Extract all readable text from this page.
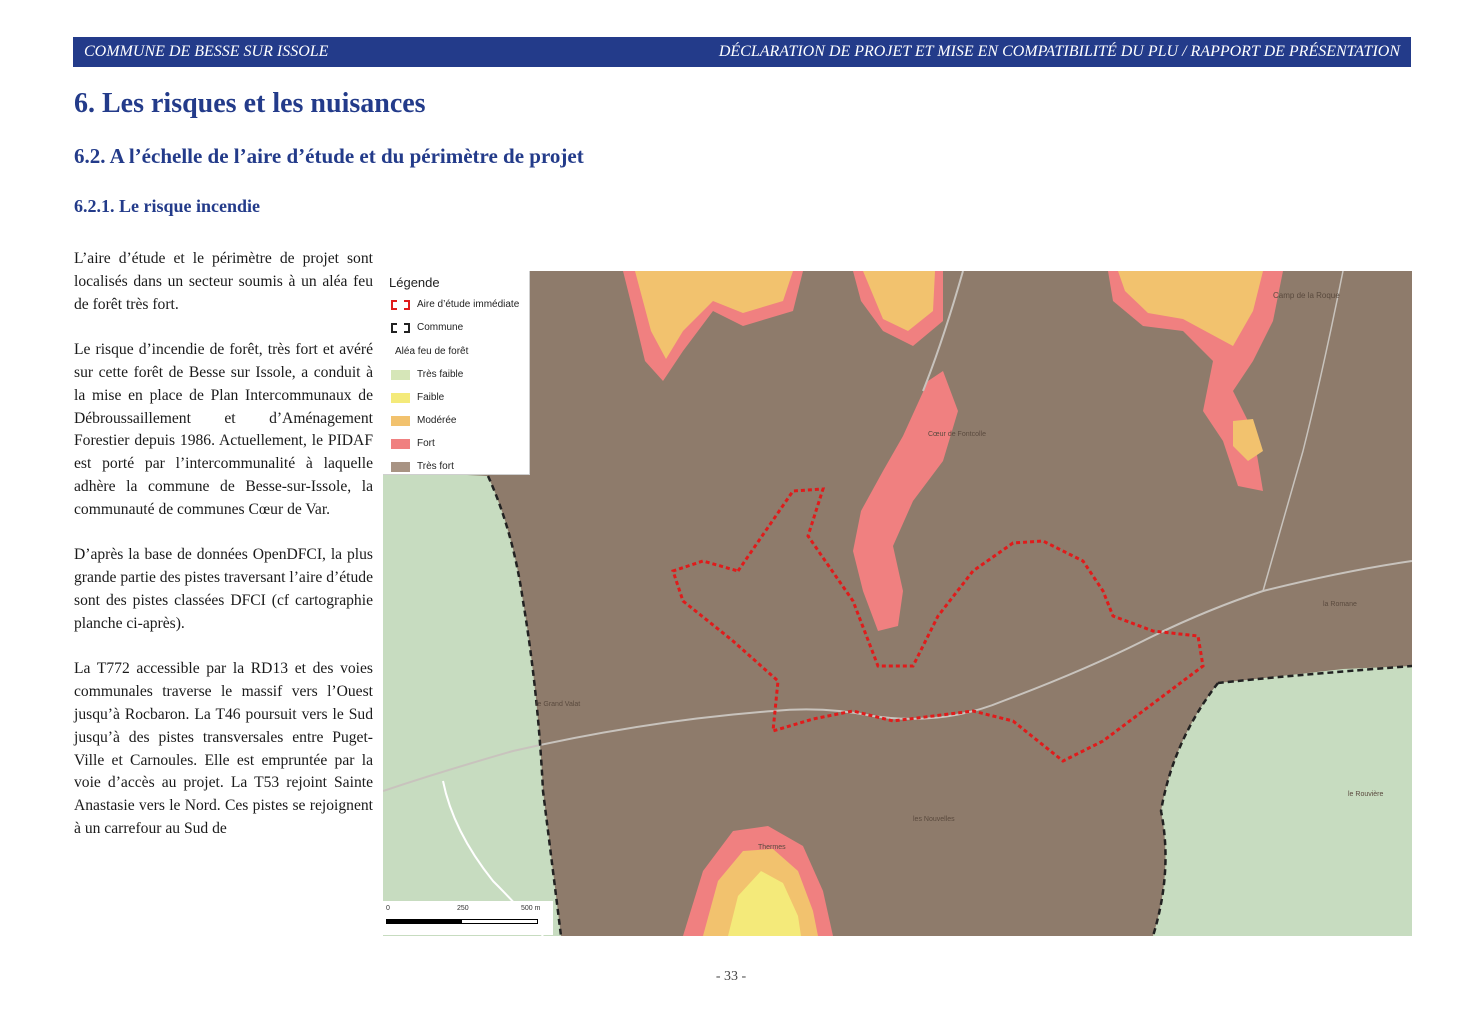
COMMUNE DE BESSE SUR ISSOLE	DÉCLARATION DE PROJET ET MISE EN COMPATIBILITÉ DU PLU / RAPPORT DE PRÉSENTATION
6. Les risques et les nuisances
6.2. A l’échelle de l’aire d’étude et du périmètre de projet
6.2.1. Le risque incendie

L’aire d’étude et le périmètre de projet sont localisés dans un secteur soumis à un aléa feu de forêt très fort.

Le risque d’incendie de forêt, très fort et avéré sur cette forêt de Besse sur Issole, a conduit à la mise en place de Plan Intercommunaux de Débroussaillement et d’Aménagement Forestier depuis 1986. Actuellement, le PIDAF est porté par l’intercommunalité à laquelle adhère la commune de Besse-sur-Issole, la communauté de communes Cœur de Var.

D’après la base de données OpenDFCI, la plus grande partie des pistes traversant l’aire d’étude sont des pistes classées DFCI (cf cartographie planche ci-après).

La T772 accessible par la RD13 et des voies communales traverse le massif vers l’Ouest jusqu’à Rocbaron. La T46 poursuit vers le Sud jusqu’à des pistes transversales entre Puget-Ville et Carnoules. Elle est empruntée par la voie d’accès au projet. La T53 rejoint Sainte Anastasie vers le Nord. Ces pistes se rejoignent à un carrefour au Sud de

Camp de la Roque
Cœur de Fontcolle
le Grand Valat
les Nouvelles
Thermes
la Romane
le Rouvière
Légende
Aire d’étude immédiate
Commune
Aléa feu de forêt
Très faible
Faible
Modérée
Fort
Très fort
0	250	500 m
- 33 -
